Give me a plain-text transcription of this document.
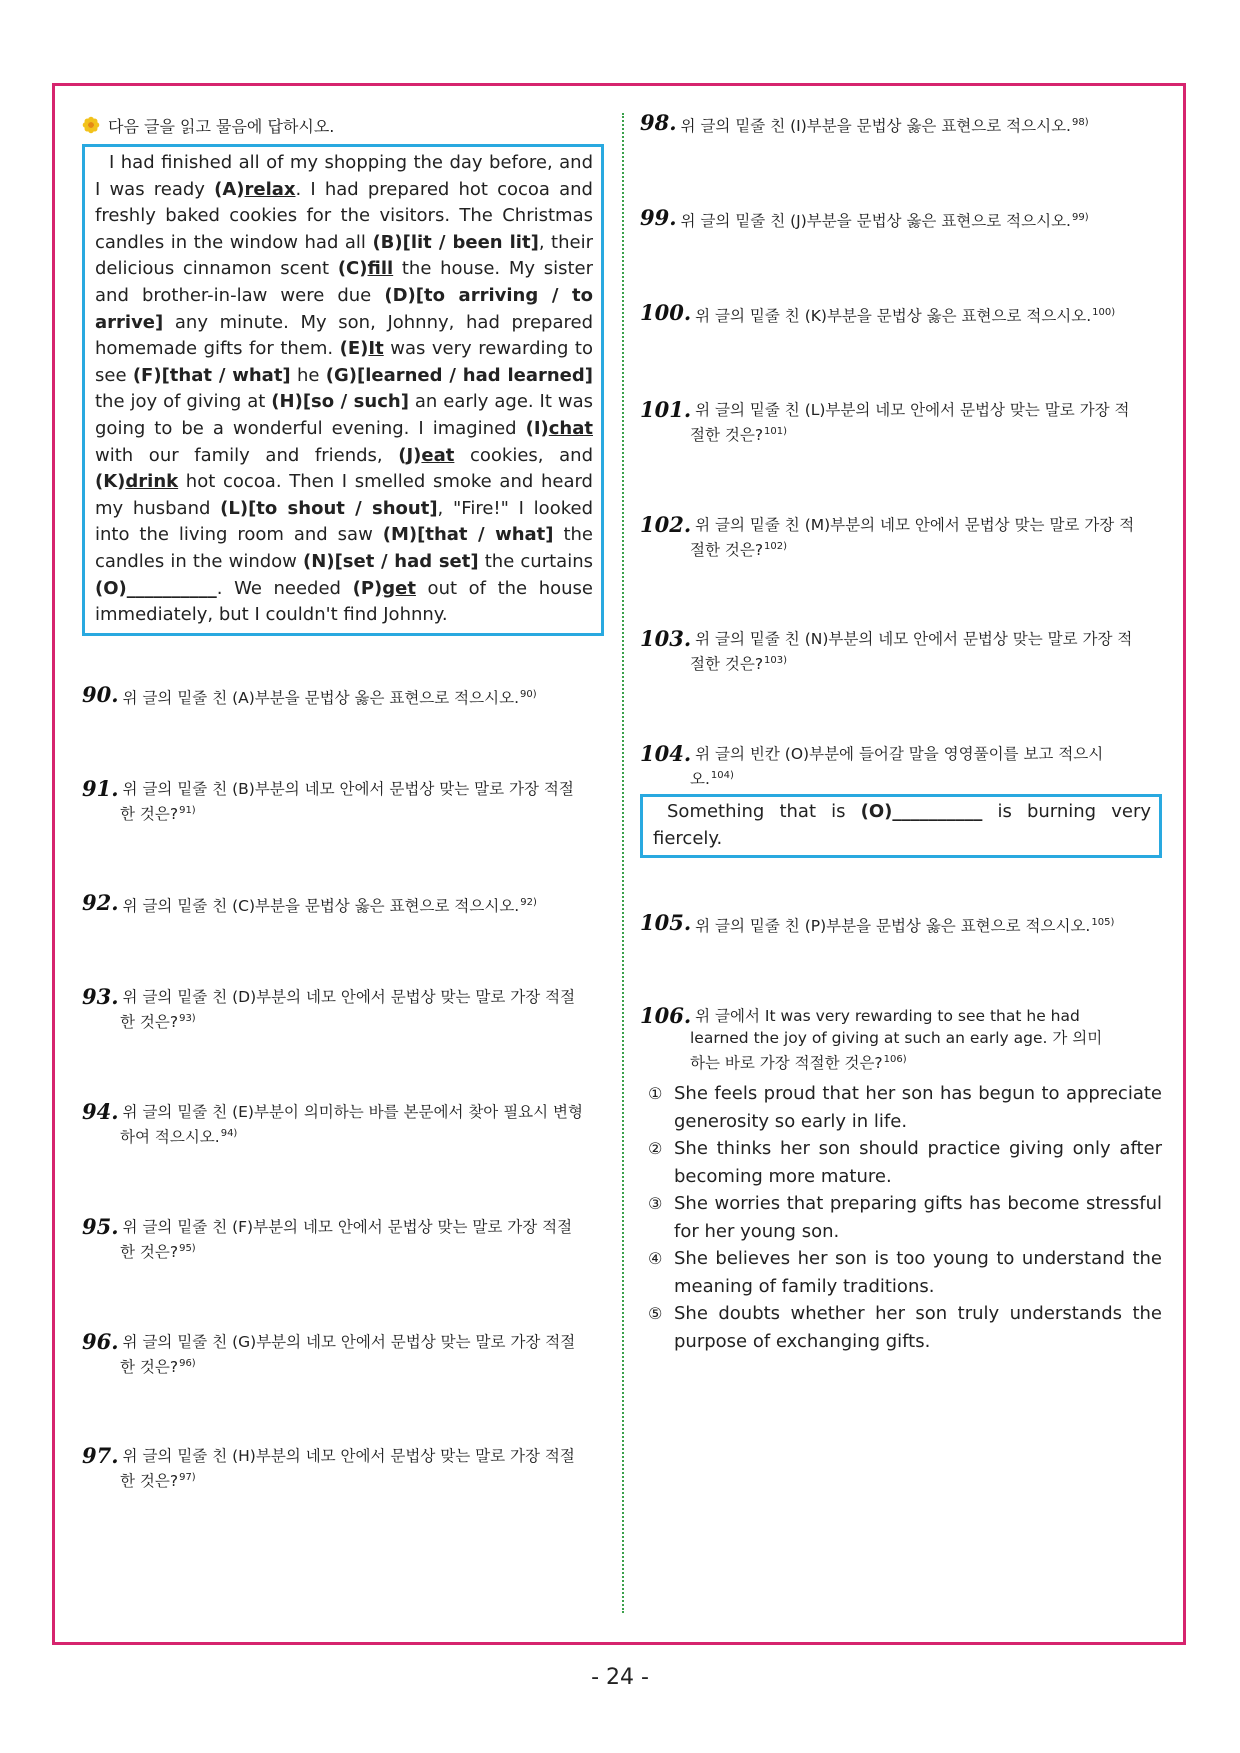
다음 글을 읽고 물음에 답하시오.
I had finished all of my shopping the day before, and I was ready (A)relax. I had prepared hot cocoa and freshly baked cookies for the visitors. The Christmas candles in the window had all (B)[lit / been lit], their delicious cinnamon scent (C)fill the house. My sister and brother-in-law were due (D)[to arriving / to arrive] any minute. My son, Johnny, had prepared homemade gifts for them. (E)It was very rewarding to see (F)[that / what] he (G)[learned / had learned] the joy of giving at (H)[so / such] an early age. It was going to be a wonderful evening. I imagined (I)chat with our family and friends, (J)eat cookies, and (K)drink hot cocoa. Then I smelled smoke and heard my husband (L)[to shout / shout], "Fire!" I looked into the living room and saw (M)[that / what] the candles in the window (N)[set / had set] the curtains (O)__________. We needed (P)get out of the house immediately, but I couldn't find Johnny.
90. 위 글의 밑줄 친 (A)부분을 문법상 옳은 표현으로 적으시오.$^{90)}$
91. 위 글의 밑줄 친 (B)부분의 네모 안에서 문법상 맞는 말로 가장 적절
한 것은?$^{91)}$
92. 위 글의 밑줄 친 (C)부분을 문법상 옳은 표현으로 적으시오.$^{92)}$
93. 위 글의 밑줄 친 (D)부분의 네모 안에서 문법상 맞는 말로 가장 적절
한 것은?$^{93)}$
94. 위 글의 밑줄 친 (E)부분이 의미하는 바를 본문에서 찾아 필요시 변형
하여 적으시오.$^{94)}$
95. 위 글의 밑줄 친 (F)부분의 네모 안에서 문법상 맞는 말로 가장 적절
한 것은?$^{95)}$
96. 위 글의 밑줄 친 (G)부분의 네모 안에서 문법상 맞는 말로 가장 적절
한 것은?$^{96)}$
97. 위 글의 밑줄 친 (H)부분의 네모 안에서 문법상 맞는 말로 가장 적절
한 것은?$^{97)}$
98. 위 글의 밑줄 친 (I)부분을 문법상 옳은 표현으로 적으시오.$^{98)}$
99. 위 글의 밑줄 친 (J)부분을 문법상 옳은 표현으로 적으시오.$^{99)}$
100. 위 글의 밑줄 친 (K)부분을 문법상 옳은 표현으로 적으시오.$^{100)}$
101. 위 글의 밑줄 친 (L)부분의 네모 안에서 문법상 맞는 말로 가장 적
절한 것은?$^{101)}$
102. 위 글의 밑줄 친 (M)부분의 네모 안에서 문법상 맞는 말로 가장 적
절한 것은?$^{102)}$
103. 위 글의 밑줄 친 (N)부분의 네모 안에서 문법상 맞는 말로 가장 적
절한 것은?$^{103)}$
104. 위 글의 빈칸 (O)부분에 들어갈 말을 영영풀이를 보고 적으시
오.$^{104)}$
Something that is (O)__________ is burning very fiercely.
105. 위 글의 밑줄 친 (P)부분을 문법상 옳은 표현으로 적으시오.$^{105)}$
106. 위 글에서 It was very rewarding to see that he had
learned the joy of giving at such an early age. 가 의미
하는 바로 가장 적절한 것은?$^{106)}$
① She feels proud that her son has begun to appreciate generosity so early in life.
② She thinks her son should practice giving only after becoming more mature.
③ She worries that preparing gifts has become stressful for her young son.
④ She believes her son is too young to understand the meaning of family traditions.
⑤ She doubts whether her son truly understands the purpose of exchanging gifts.
- 24 -
